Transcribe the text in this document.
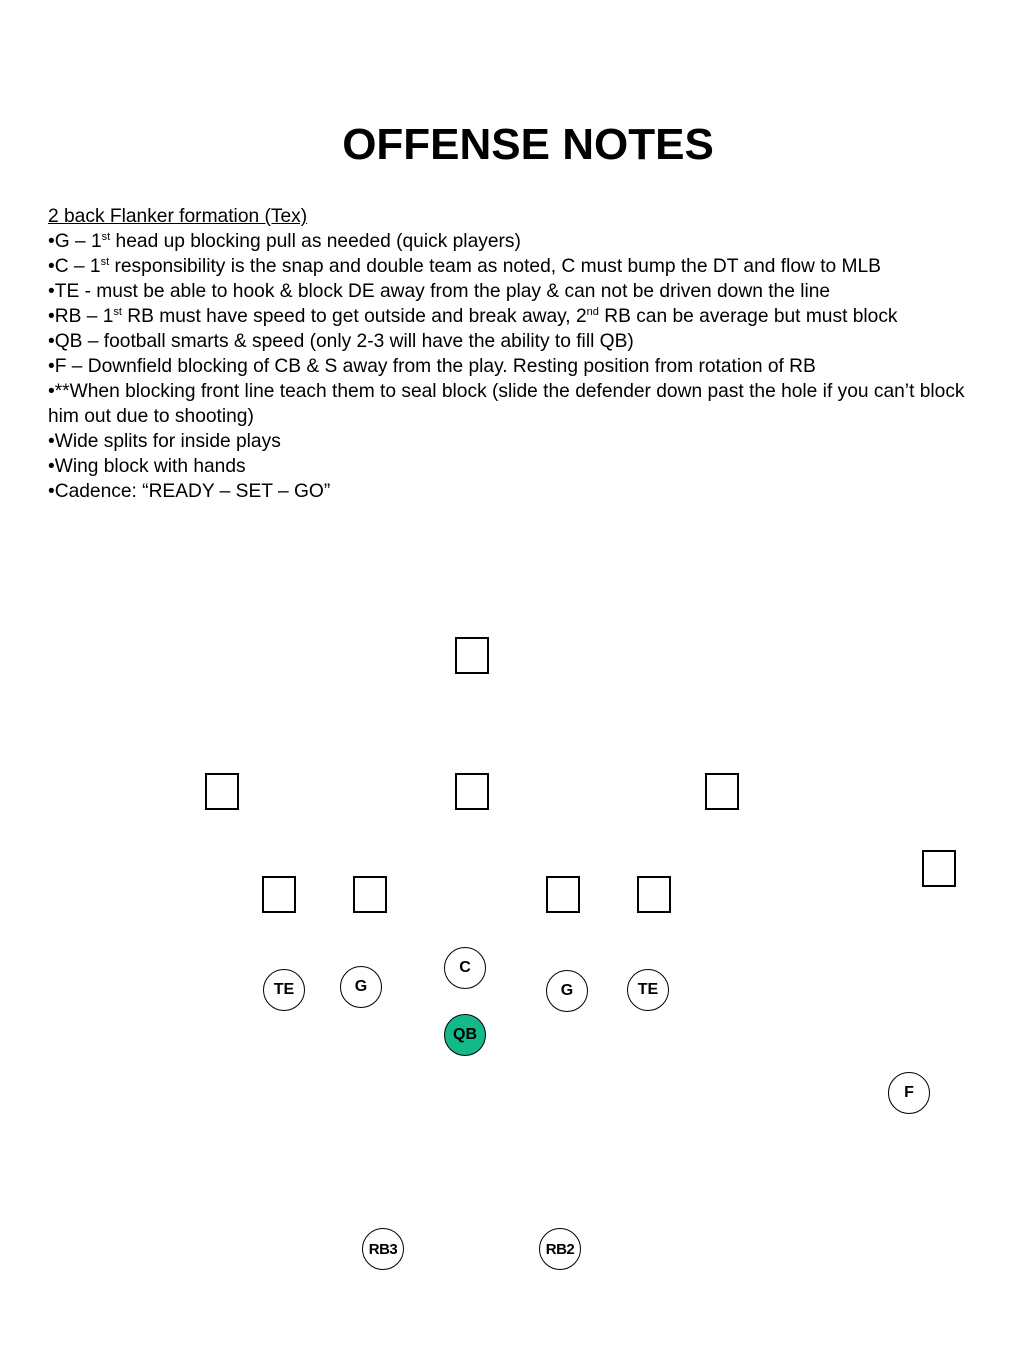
OFFENSE NOTES
2 back Flanker formation (Tex)
•G – 1st head up blocking pull as needed (quick players)
•C – 1st responsibility is the snap and double team as noted, C must bump the DT and flow to MLB
•TE - must be able to hook & block DE away from the play & can not be driven down the line
•RB – 1st RB must have speed to get outside and break away, 2nd RB can be average but must block
•QB – football smarts & speed (only 2-3 will have the ability to fill QB)
•F – Downfield blocking of CB & S away from the play. Resting position from rotation of RB
•**When blocking front line teach them to seal block (slide the defender down past the hole if you can’t block him out due to shooting)
•Wide splits for inside plays
•Wing block with hands
•Cadence: “READY – SET – GO”
TE	G
C
G	TE
QB
F
RB3	RB2
